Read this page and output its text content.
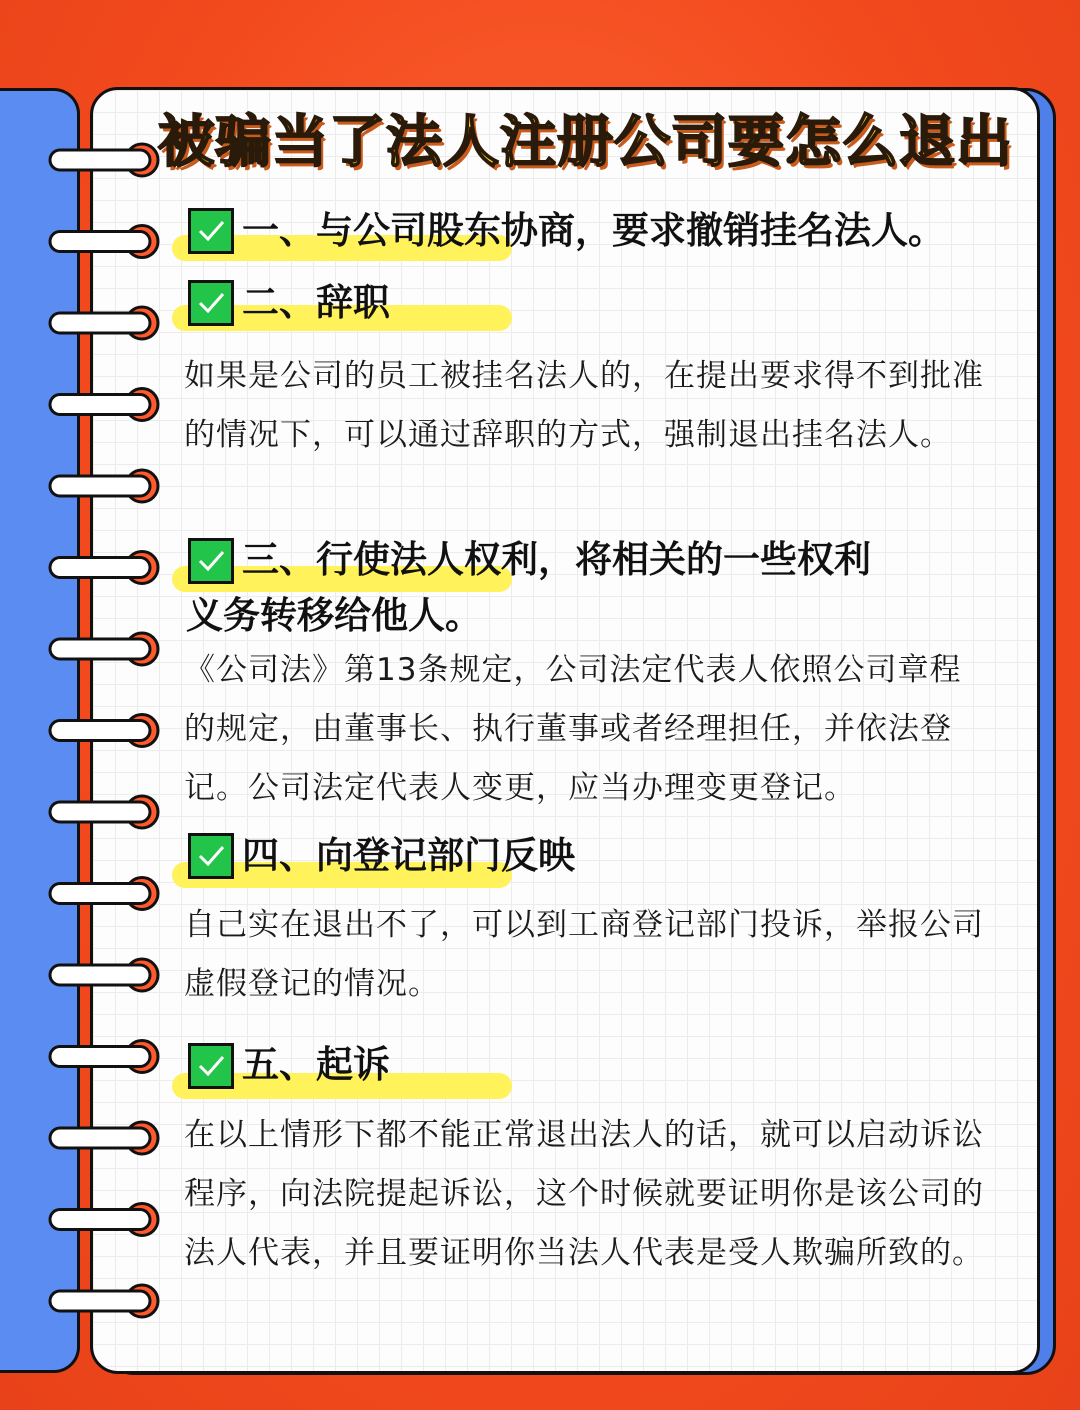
被骗当了法人注册公司要怎么退出

一、与公司股东协商，要求撤销挂名法人。

二、辞职

如果是公司的员工被挂名法人的，在提出要求得不到批准的情况下，可以通过辞职的方式，强制退出挂名法人。

三、行使法人权利，将相关的一些权利

义务转移给他人。

《公司法》第13条规定，公司法定代表人依照公司章程的规定，由董事长、执行董事或者经理担任，并依法登记。公司法定代表人变更，应当办理变更登记。

四、向登记部门反映

自己实在退出不了，可以到工商登记部门投诉，举报公司虚假登记的情况。

五、起诉

在以上情形下都不能正常退出法人的话，就可以启动诉讼程序，向法院提起诉讼，这个时候就要证明你是该公司的法人代表，并且要证明你当法人代表是受人欺骗所致的。
